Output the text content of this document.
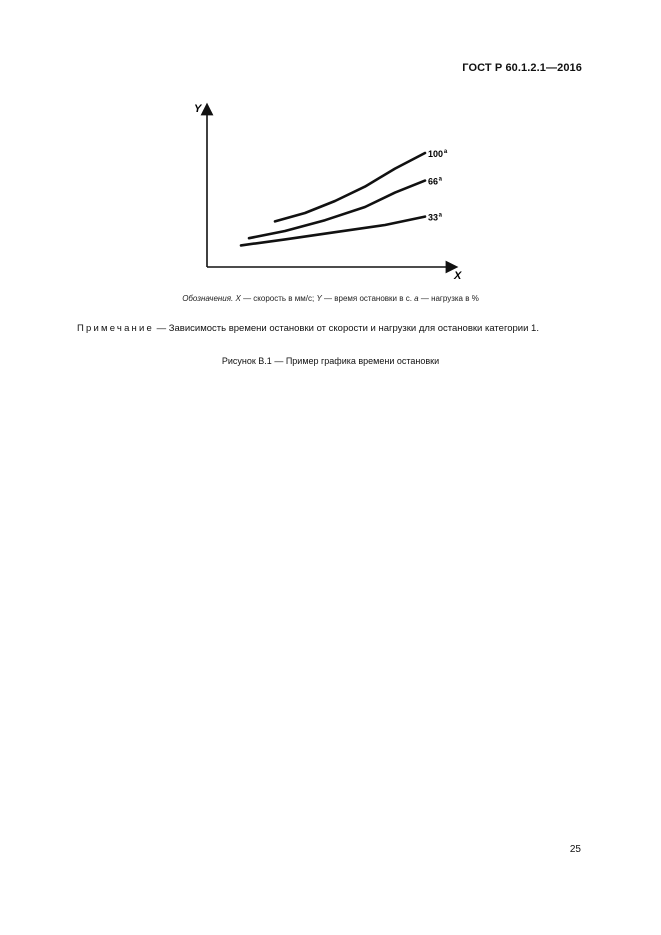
ГОСТ Р 60.1.2.1—2016
Y
X
100 a
66 a
33 a
Обозначения. X — скорость в мм/с; Y — время остановки в с. a — нагрузка в %
Примечание — Зависимость времени остановки от скорости и нагрузки для остановки категории 1.
Рисунок В.1 — Пример графика времени остановки
25
